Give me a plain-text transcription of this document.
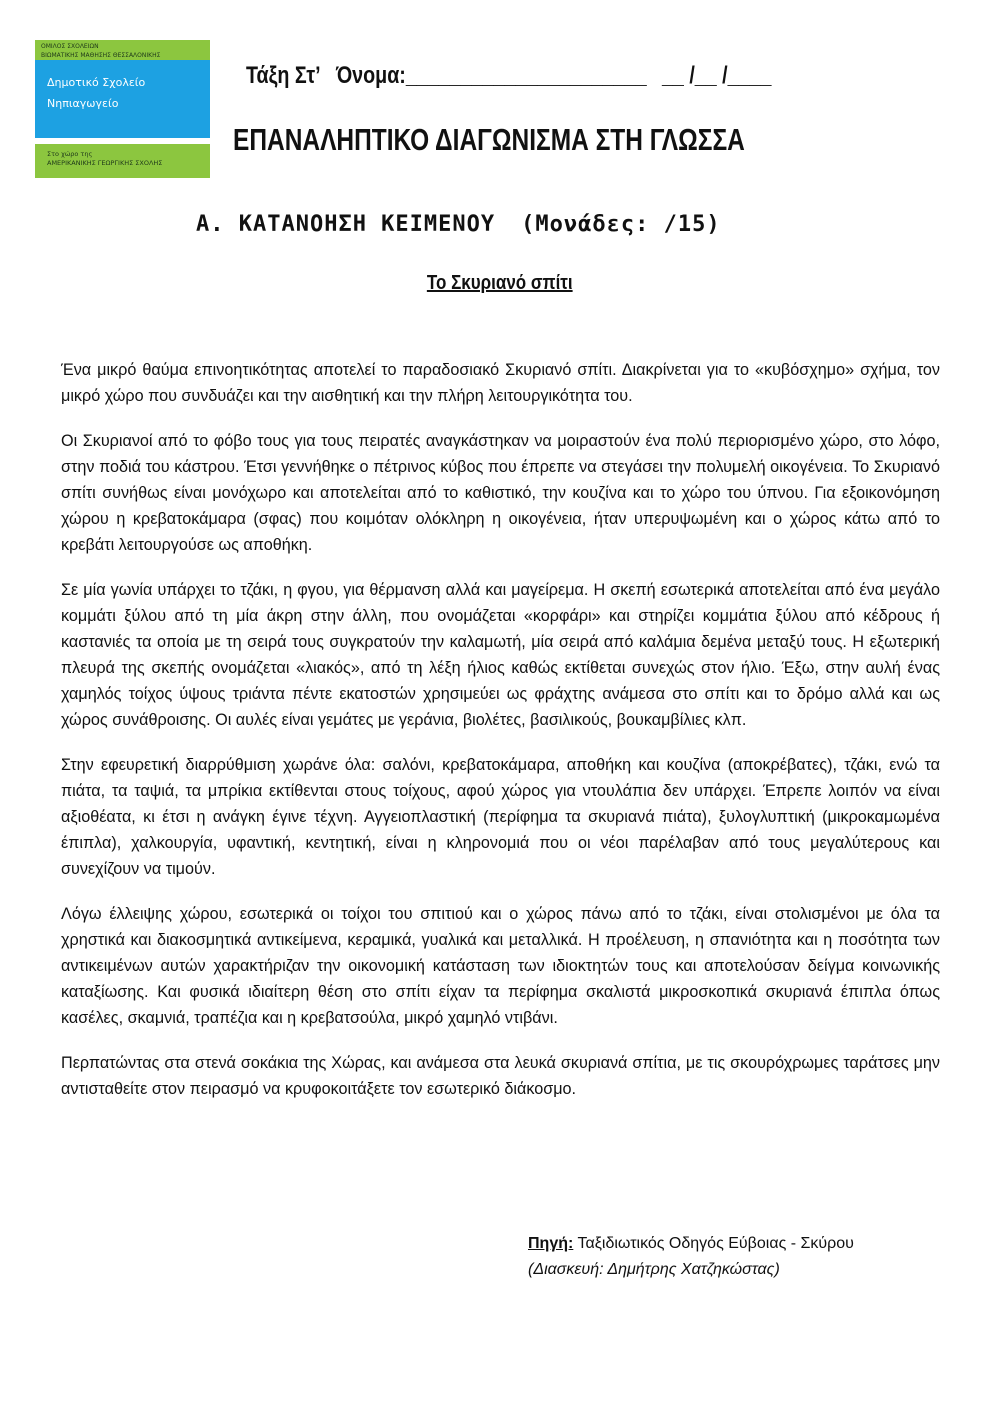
ΟΜΙΛΟΣ ΣΧΟΛΕΙΩΝ
ΒΙΩΜΑΤΙΚΗΣ ΜΑΘΗΣΗΣ ΘΕΣΣΑΛΟΝΙΚΗΣ
Δημοτικό Σχολείο
Νηπιαγωγείο
Στο χώρο της
ΑΜΕΡΙΚΑΝΙΚΗΣ ΓΕΩΡΓΙΚΗΣ ΣΧΟΛΗΣ
Τάξη Στ’ Όνομα:______________________ __ /__ /____
ΕΠΑΝΑΛΗΠΤΙΚΟ ΔΙΑΓΩΝΙΣΜΑ ΣΤΗ ΓΛΩΣΣΑ
Α. ΚΑΤΑΝΟΗΣΗ ΚΕΙΜΕΝΟΥ (Μονάδες: /15)
Το Σκυριανό σπίτι

Ένα μικρό θαύμα επινοητικότητας αποτελεί το παραδοσιακό Σκυριανό σπίτι. Διακρίνεται για το «κυβόσχημο» σχήμα, τον μικρό χώρο που συνδυάζει και την αισθητική και την πλήρη λειτουργικότητα του.

Οι Σκυριανοί από το φόβο τους για τους πειρατές αναγκάστηκαν να μοιραστούν ένα πολύ περιορισμένο χώρο, στο λόφο, στην ποδιά του κάστρου. Έτσι γεννήθηκε ο πέτρινος κύβος που έπρεπε να στεγάσει την πολυμελή οικογένεια. Το Σκυριανό σπίτι συνήθως είναι μονόχωρο και αποτελείται από το καθιστικό, την κουζίνα και το χώρο του ύπνου. Για εξοικονόμηση χώρου η κρεβατοκάμαρα (σφας) που κοιμόταν ολόκληρη η οικογένεια, ήταν υπερυψωμένη και ο χώρος κάτω από το κρεβάτι λειτουργούσε ως αποθήκη.

Σε μία γωνία υπάρχει το τζάκι, η φγου, για θέρμανση αλλά και μαγείρεμα. Η σκεπή εσωτερικά αποτελείται από ένα μεγάλο κομμάτι ξύλου από τη μία άκρη στην άλλη, που ονομάζεται «κορφάρι» και στηρίζει κομμάτια ξύλου από κέδρους ή καστανιές τα οποία με τη σειρά τους συγκρατούν την καλαμωτή, μία σειρά από καλάμια δεμένα μεταξύ τους. Η εξωτερική πλευρά της σκεπής ονομάζεται «λιακός», από τη λέξη ήλιος καθώς εκτίθεται συνεχώς στον ήλιο. Έξω, στην αυλή ένας χαμηλός τοίχος ύψους τριάντα πέντε εκατοστών χρησιμεύει ως φράχτης ανάμεσα στο σπίτι και το δρόμο αλλά και ως χώρος συνάθροισης. Οι αυλές είναι γεμάτες με γεράνια, βιολέτες, βασιλικούς, βουκαμβίλιες κλπ.

Στην εφευρετική διαρρύθμιση χωράνε όλα: σαλόνι, κρεβατοκάμαρα, αποθήκη και κουζίνα (αποκρέβατες), τζάκι, ενώ τα πιάτα, τα ταψιά, τα μπρίκια εκτίθενται στους τοίχους, αφού χώρος για ντουλάπια δεν υπάρχει. Έπρεπε λοιπόν να είναι αξιοθέατα, κι έτσι η ανάγκη έγινε τέχνη. Αγγειοπλαστική (περίφημα τα σκυριανά πιάτα), ξυλογλυπτική (μικροκαμωμένα έπιπλα), χαλκουργία, υφαντική, κεντητική, είναι η κληρονομιά που οι νέοι παρέλαβαν από τους μεγαλύτερους και συνεχίζουν να τιμούν.

Λόγω έλλειψης χώρου, εσωτερικά οι τοίχοι του σπιτιού και ο χώρος πάνω από το τζάκι, είναι στολισμένοι με όλα τα χρηστικά και διακοσμητικά αντικείμενα, κεραμικά, γυαλικά και μεταλλικά. Η προέλευση, η σπανιότητα και η ποσότητα των αντικειμένων αυτών χαρακτήριζαν την οικονομική κατάσταση των ιδιοκτητών τους και αποτελούσαν δείγμα κοινωνικής καταξίωσης. Και φυσικά ιδιαίτερη θέση στο σπίτι είχαν τα περίφημα σκαλιστά μικροσκοπικά σκυριανά έπιπλα όπως κασέλες, σκαμνιά, τραπέζια και η κρεβατσούλα, μικρό χαμηλό ντιβάνι.

Περπατώντας στα στενά σοκάκια της Χώρας, και ανάμεσα στα λευκά σκυριανά σπίτια, με τις σκουρόχρωμες ταράτσες μην αντισταθείτε στον πειρασμό να κρυφοκοιτάξετε τον εσωτερικό διάκοσμο.

Πηγή: Ταξιδιωτικός Οδηγός Εύβοιας - Σκύρου
(Διασκευή: Δημήτρης Χατζηκώστας)
